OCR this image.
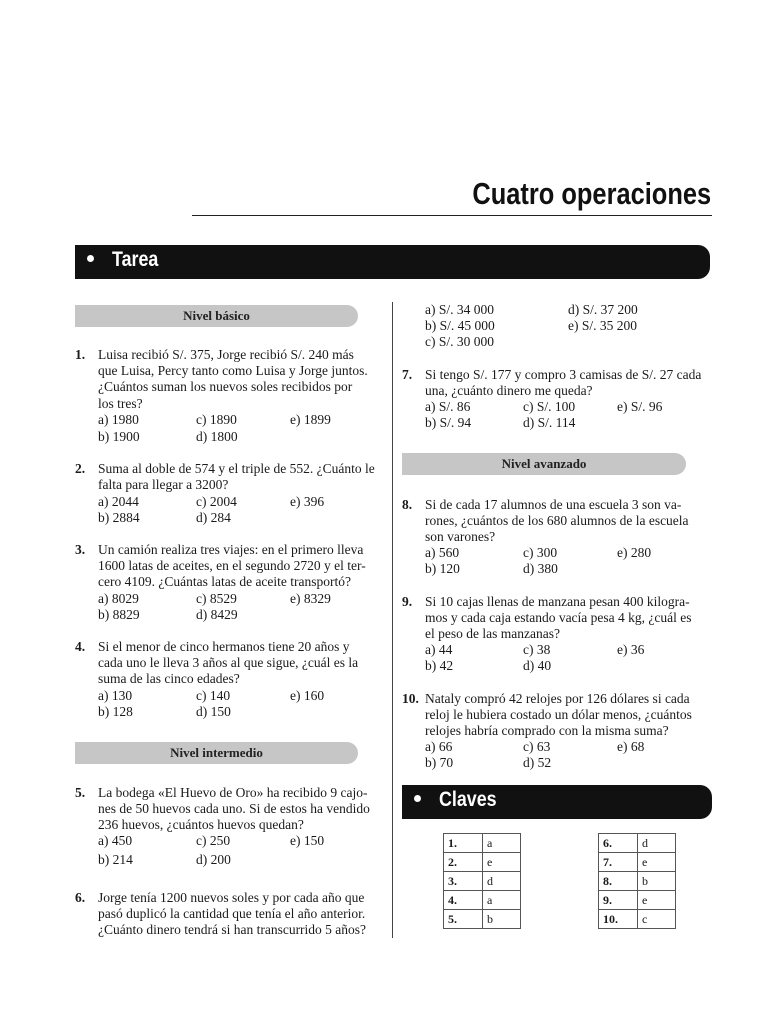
Cuatro operaciones
Tarea
Nivel básico
1. Luisa recibió S/. 375, Jorge recibió S/. 240 más
que Luisa, Percy tanto como Luisa y Jorge juntos.
¿Cuántos suman los nuevos soles recibidos por
los tres?
a) 1980	c) 1890	e) 1899
b) 1900	d) 1800
2. Suma al doble de 574 y el triple de 552. ¿Cuánto le
falta para llegar a 3200?
a) 2044	c) 2004	e) 396
b) 2884	d) 284
3. Un camión realiza tres viajes: en el primero lleva
1600 latas de aceites, en el segundo 2720 y el ter-
cero 4109. ¿Cuántas latas de aceite transportó?
a) 8029	c) 8529	e) 8329
b) 8829	d) 8429
4. Si el menor de cinco hermanos tiene 20 años y
cada uno le lleva 3 años al que sigue, ¿cuál es la
suma de las cinco edades?
a) 130	c) 140	e) 160
b) 128	d) 150
Nivel intermedio
5. La bodega «El Huevo de Oro» ha recibido 9 cajo-
nes de 50 huevos cada uno. Si de estos ha vendido
236 huevos, ¿cuántos huevos quedan?
a) 450	c) 250	e) 150
b) 214	d) 200
6. Jorge tenía 1200 nuevos soles y por cada año que
pasó duplicó la cantidad que tenía el año anterior.
¿Cuánto dinero tendrá si han transcurrido 5 años?
a) S/. 34 000	d) S/. 37 200
b) S/. 45 000	e) S/. 35 200
c) S/. 30 000
7. Si tengo S/. 177 y compro 3 camisas de S/. 27 cada
una, ¿cuánto dinero me queda?
a) S/. 86	c) S/. 100	e) S/. 96
b) S/. 94	d) S/. 114
Nivel avanzado
8. Si de cada 17 alumnos de una escuela 3 son va-
rones, ¿cuántos de los 680 alumnos de la escuela
son varones?
a) 560	c) 300	e) 280
b) 120	d) 380
9. Si 10 cajas llenas de manzana pesan 400 kilogra-
mos y cada caja estando vacía pesa 4 kg, ¿cuál es
el peso de las manzanas?
a) 44	c) 38	e) 36
b) 42	d) 40
10. Nataly compró 42 relojes por 126 dólares si cada
reloj le hubiera costado un dólar menos, ¿cuántos
relojes habría comprado con la misma suma?
a) 66	c) 63	e) 68
b) 70	d) 52
Claves
1.	a
2.	e
3.	d
4.	a
5.	b
6.	d
7.	e
8.	b
9.	e
10.	c
